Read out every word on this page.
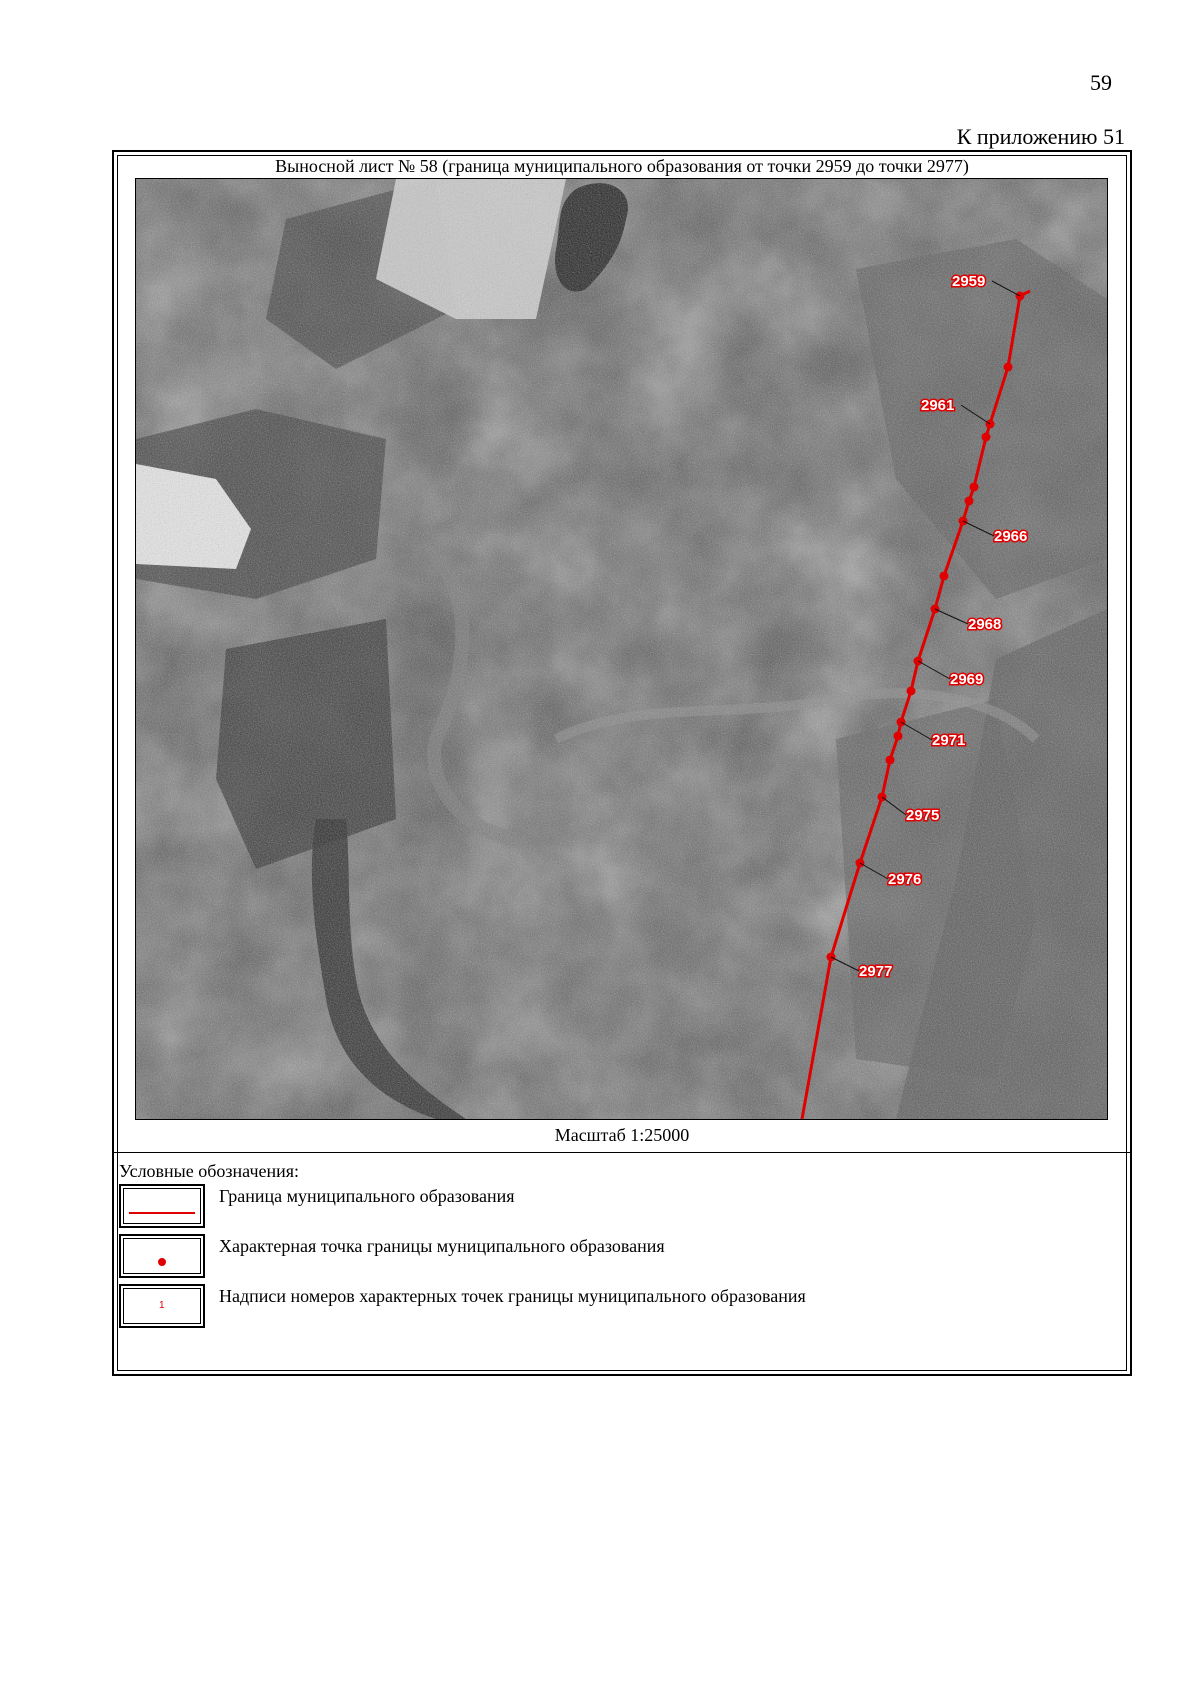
59
К приложению 51
Выносной лист № 58 (граница муниципального образования от точки 2959 до точки 2977)
2959
2961
2966
2968
2969
2971
2975
2976
2977
Масштаб 1:25000
Условные обозначения:
Граница муниципального образования
Характерная точка границы муниципального образования
1	Надписи номеров характерных точек границы муниципального образования
